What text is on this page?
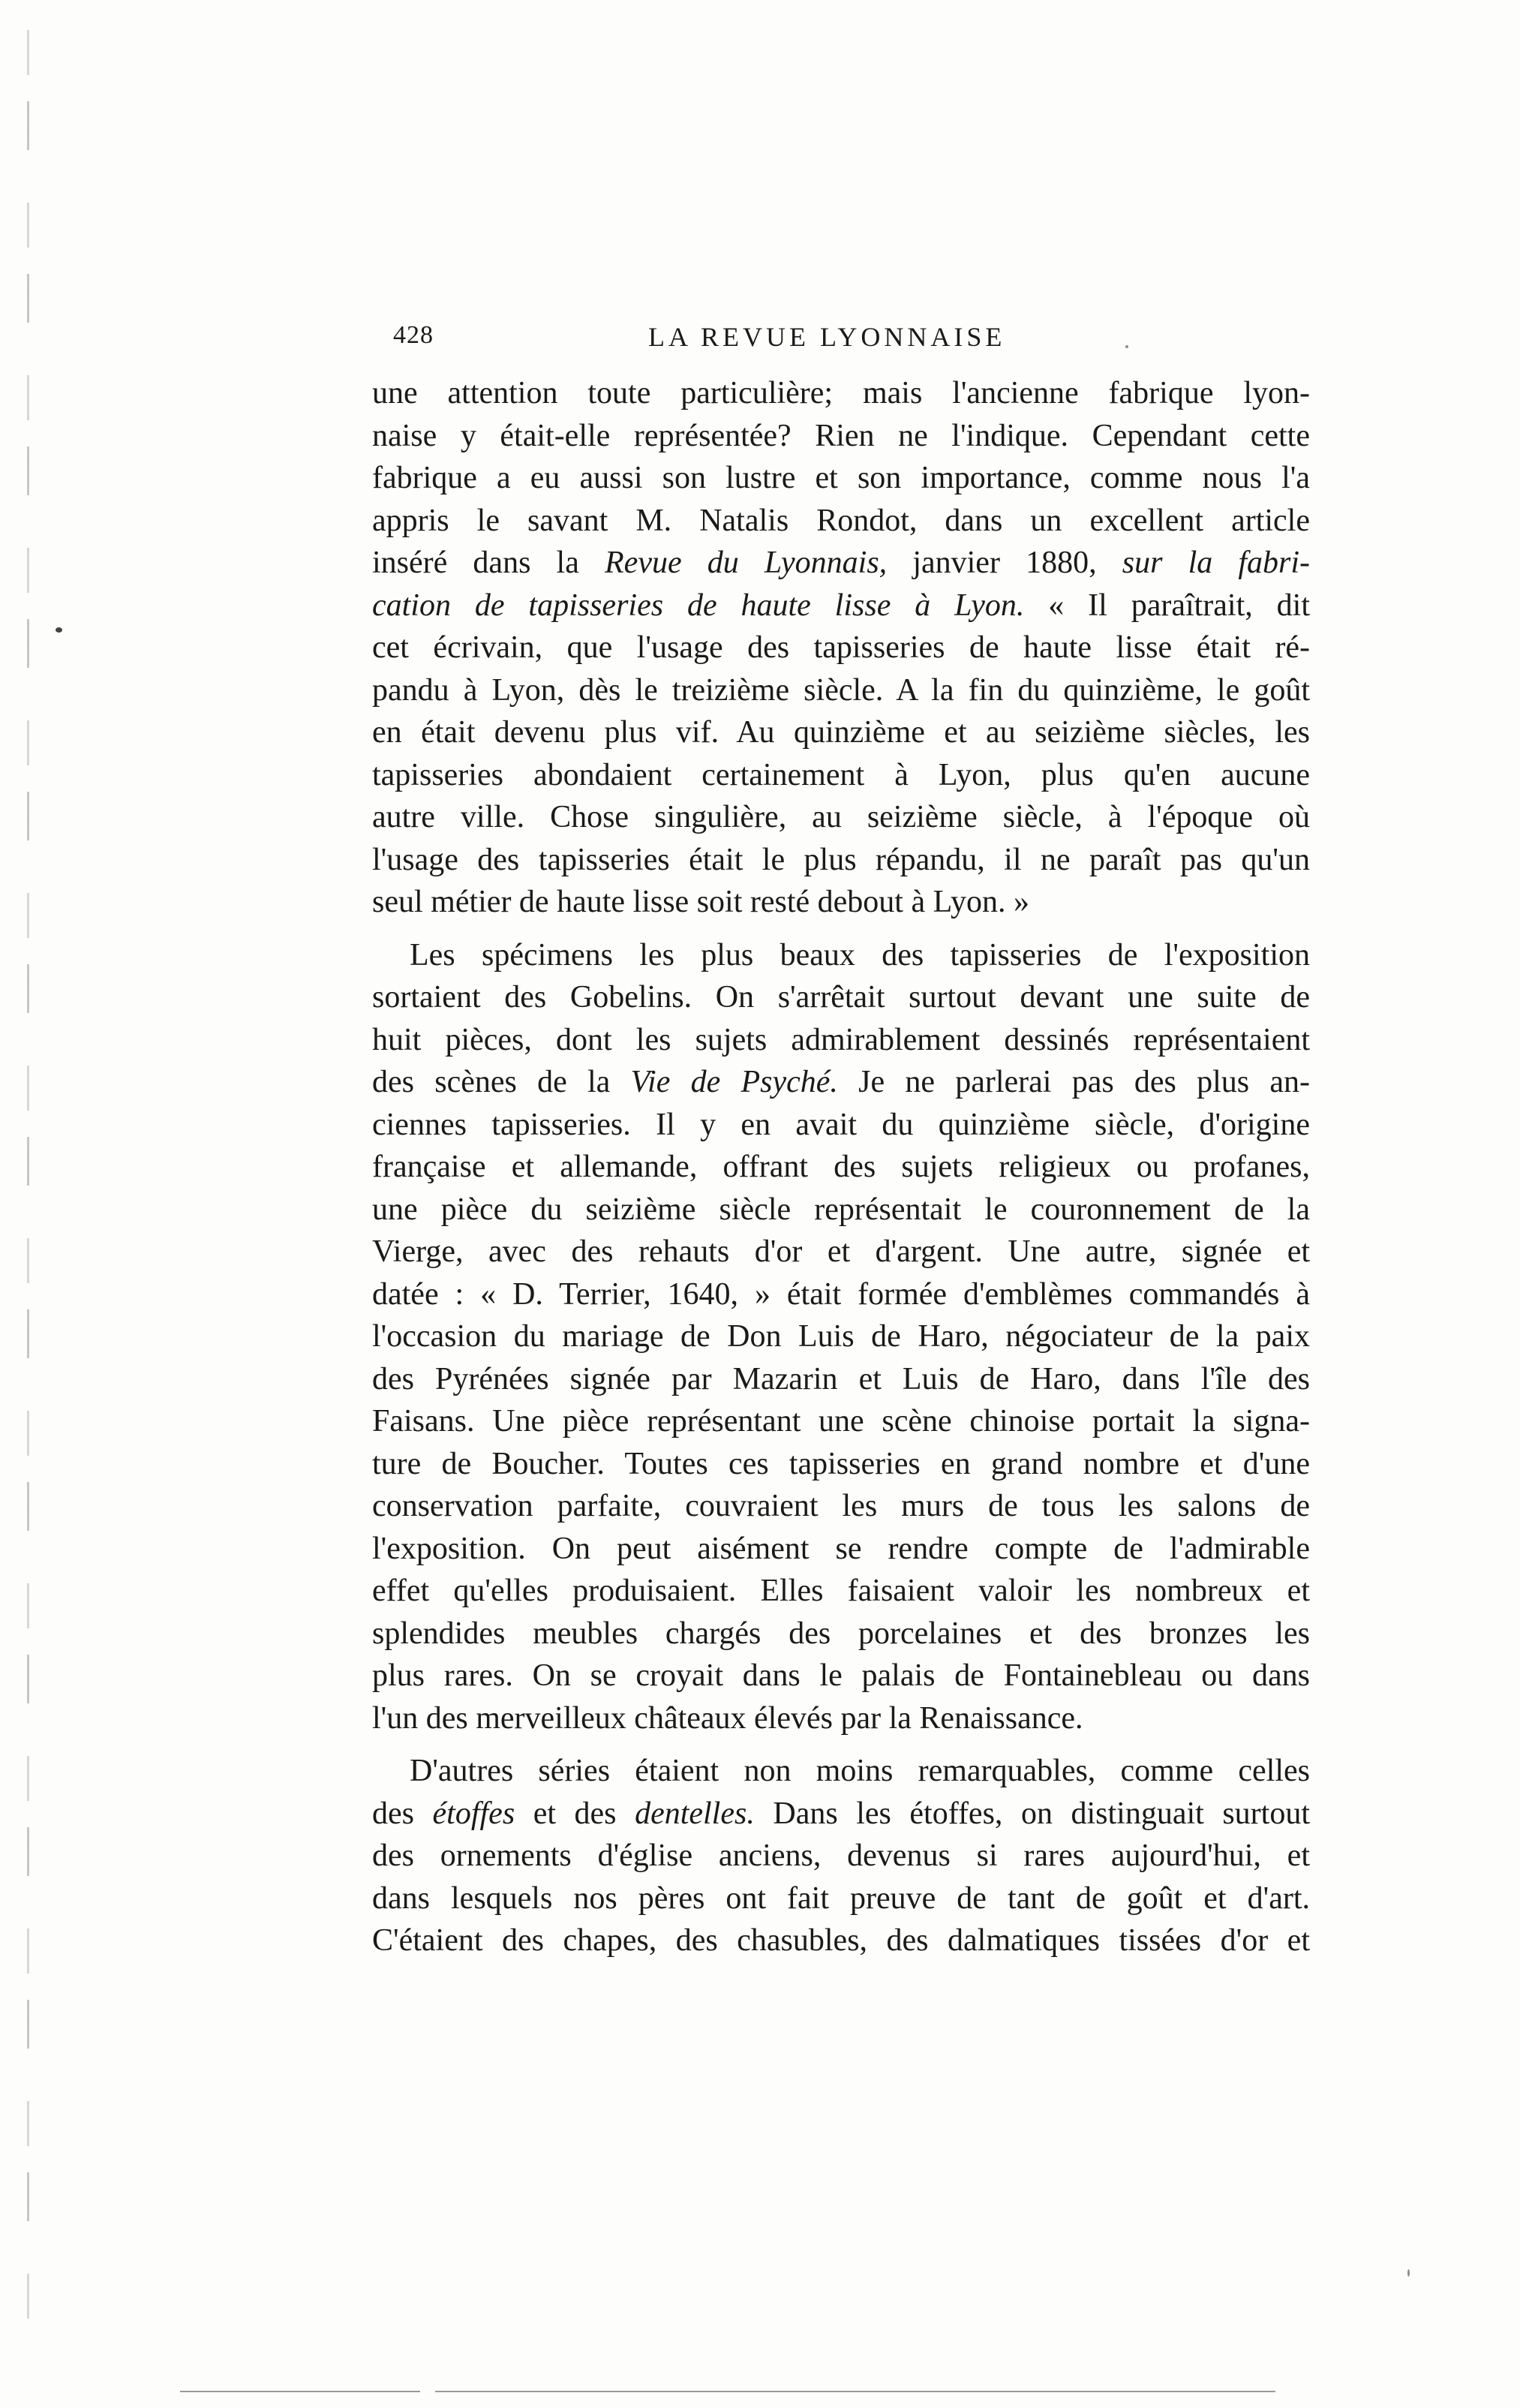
428	LA REVUE LYONNAISE
une attention toute particulière; mais l'ancienne fabrique lyon-
naise y était-elle représentée? Rien ne l'indique. Cependant cette
fabrique a eu aussi son lustre et son importance, comme nous l'a
appris le savant M. Natalis Rondot, dans un excellent article
inséré dans la Revue du Lyonnais, janvier 1880, sur la fabri-
cation de tapisseries de haute lisse à Lyon. « Il paraîtrait, dit
cet écrivain, que l'usage des tapisseries de haute lisse était ré-
pandu à Lyon, dès le treizième siècle. A la fin du quinzième, le goût
en était devenu plus vif. Au quinzième et au seizième siècles, les
tapisseries abondaient certainement à Lyon, plus qu'en aucune
autre ville. Chose singulière, au seizième siècle, à l'époque où
l'usage des tapisseries était le plus répandu, il ne paraît pas qu'un
seul métier de haute lisse soit resté debout à Lyon. »
Les spécimens les plus beaux des tapisseries de l'exposition
sortaient des Gobelins. On s'arrêtait surtout devant une suite de
huit pièces, dont les sujets admirablement dessinés représentaient
des scènes de la Vie de Psyché. Je ne parlerai pas des plus an-
ciennes tapisseries. Il y en avait du quinzième siècle, d'origine
française et allemande, offrant des sujets religieux ou profanes,
une pièce du seizième siècle représentait le couronnement de la
Vierge, avec des rehauts d'or et d'argent. Une autre, signée et
datée : « D. Terrier, 1640, » était formée d'emblèmes commandés à
l'occasion du mariage de Don Luis de Haro, négociateur de la paix
des Pyrénées signée par Mazarin et Luis de Haro, dans l'île des
Faisans. Une pièce représentant une scène chinoise portait la signa-
ture de Boucher. Toutes ces tapisseries en grand nombre et d'une
conservation parfaite, couvraient les murs de tous les salons de
l'exposition. On peut aisément se rendre compte de l'admirable
effet qu'elles produisaient. Elles faisaient valoir les nombreux et
splendides meubles chargés des porcelaines et des bronzes les
plus rares. On se croyait dans le palais de Fontainebleau ou dans
l'un des merveilleux châteaux élevés par la Renaissance.
D'autres séries étaient non moins remarquables, comme celles
des étoffes et des dentelles. Dans les étoffes, on distinguait surtout
des ornements d'église anciens, devenus si rares aujourd'hui, et
dans lesquels nos pères ont fait preuve de tant de goût et d'art.
C'étaient des chapes, des chasubles, des dalmatiques tissées d'or et
